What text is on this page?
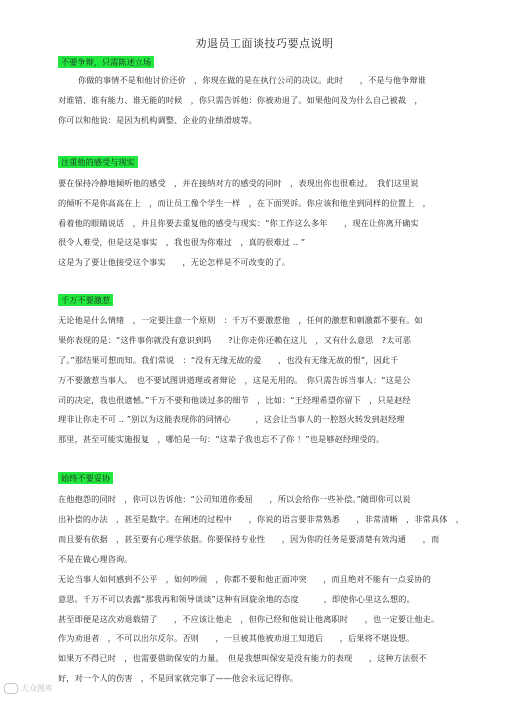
劝退员工面谈技巧要点说明
不要争辩，只需陈述立场
你做的事情不是和他讨价还价　，你现在做的是在执行公司的决议。此时　　，不是与他争辩谁
对谁错、谁有能力、谁无能的时候　，你只需告诉他：你被劝退了。如果他问及为什么自己被裁　，
你可以和他说：是因为机构调整、企业的业绩滑坡等。
注重他的感受与现实
要在保持冷静地倾听他的感受　，并在接纳对方的感受的同时　，表现出你也很难过。　我们这里说
的倾听不是你高高在上　，而让员工像个学生一样　，在下面哭诉。你应该和他坐到同样的位置上　，
看着他的眼睛说话　，并且你要去重复他的感受与现实：“你工作这么多年　　，现在让你离开确实
很令人难受，但是这是事实　，我也很为你难过　，真的很难过 .. ”
这是为了要让他接受这个事实　　，无论怎样是不可改变的了。
千万不要激惹
无论他是什么情绪　，一定要注意一个原则　：千万不要激惹他　，任何的激惹和刺激都不要有。如
果你表现的是：“这件事你就没有意识到吗　　?让你走你还赖在这儿　，又有什么意思　?太可恶
了。”那结果可想而知。我们常说　：“没有无缘无故的爱　　，也没有无缘无故的恨”，因此千
万不要激惹当事人。　也不要试图讲道理或者辩论　，这是无用的。　你只需告诉当事人：“这是公
司的决定，我也很遗憾。”千万不要和他谈过多的细节　，比如：“王经理希望你留下　，只是赵经
理非让你走不可 .. ”别以为这能表现你的同情心　　　，这会让当事人的一腔怒火转发到赵经理
那里，甚至可能实施报复　，哪怕是一句：“这辈子我也忘不了你 ！”也是够赵经理受的。
始终不要妥协
在他抱怨的同时　，你可以告诉他：“公司知道你委屈　　，所以会给你一些补偿。”随即你可以说
出补偿的办法　，甚至是数字。在阐述的过程中　　，你说的语言要非常熟悉　　，非常清晰　，非常具体　，
而且要有依据　，甚至要有心理学依据。你要保持专业性　　，因为你的任务是要清楚有效沟通　　，而
不是在做心理咨询。
无论当事人如何感到不公平　，如何吵闹　，你都不要和他正面冲突　　，而且绝对不能有一点妥协的
意思。千万不可以表露“那我再和领导谈谈”这种有回旋余地的态度　　　，即使你心里这么想的。
甚至即便是这次劝退载错了　　，不应该让他走　，但你已经和他说让他离职时　　，也一定要让他走。
作为劝退者　，不可以出尔反尔。否则　　，一旦被其他被劝退工知道后　　，后果将不堪设想。
如果万不得已时　，也需要借助保安的力量。　但是我想叫保安是没有能力的表现　　，这种方法很不
好，对一个人的伤害　，不是回家就完事了——他会永远记得你。
大众图库
